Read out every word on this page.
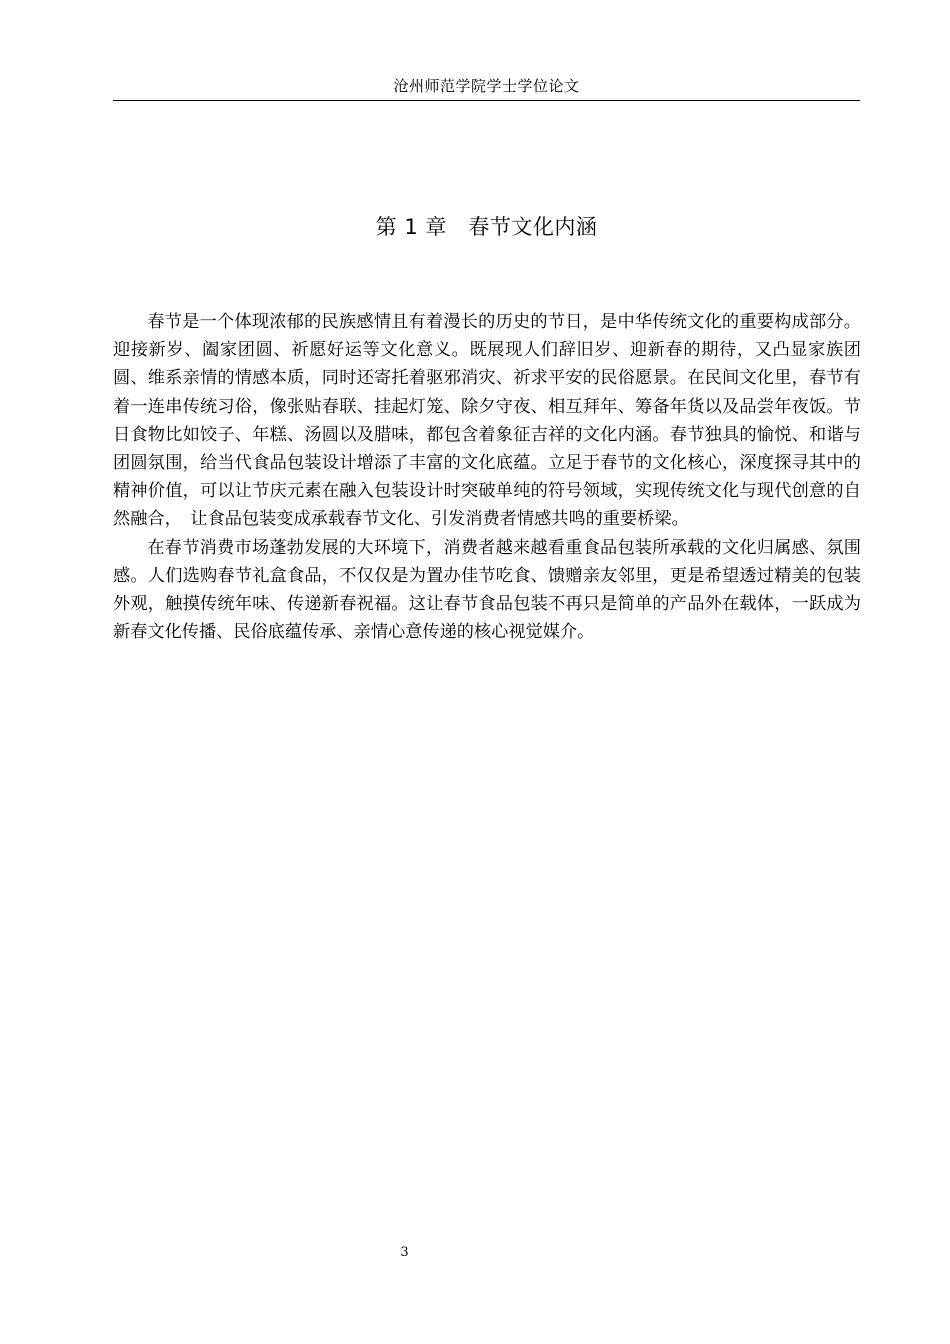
沧州师范学院学士学位论文
第 1 章　春节文化内涵

春节是一个体现浓郁的民族感情且有着漫长的历史的节日，是中华传统文化的重要构成部分。迎接新岁、阖家团圆、祈愿好运等文化意义。既展现人们辞旧岁、迎新春的期待，又凸显家族团圆、维系亲情的情感本质，同时还寄托着驱邪消灾、祈求平安的民俗愿景。在民间文化里，春节有着一连串传统习俗，像张贴春联、挂起灯笼、除夕守夜、相互拜年、筹备年货以及品尝年夜饭。节日食物比如饺子、年糕、汤圆以及腊味，都包含着象征吉祥的文化内涵。春节独具的愉悦、和谐与团圆氛围，给当代食品包装设计增添了丰富的文化底蕴。立足于春节的文化核心，深度探寻其中的精神价值，可以让节庆元素在融入包装设计时突破单纯的符号领域，实现传统文化与现代创意的自然融合，　让食品包装变成承载春节文化、引发消费者情感共鸣的重要桥梁。

在春节消费市场蓬勃发展的大环境下，消费者越来越看重食品包装所承载的文化归属感、氛围感。人们选购春节礼盒食品，不仅仅是为置办佳节吃食、馈赠亲友邻里，更是希望透过精美的包装外观，触摸传统年味、传递新春祝福。这让春节食品包装不再只是简单的产品外在载体，一跃成为新春文化传播、民俗底蕴传承、亲情心意传递的核心视觉媒介。

3
